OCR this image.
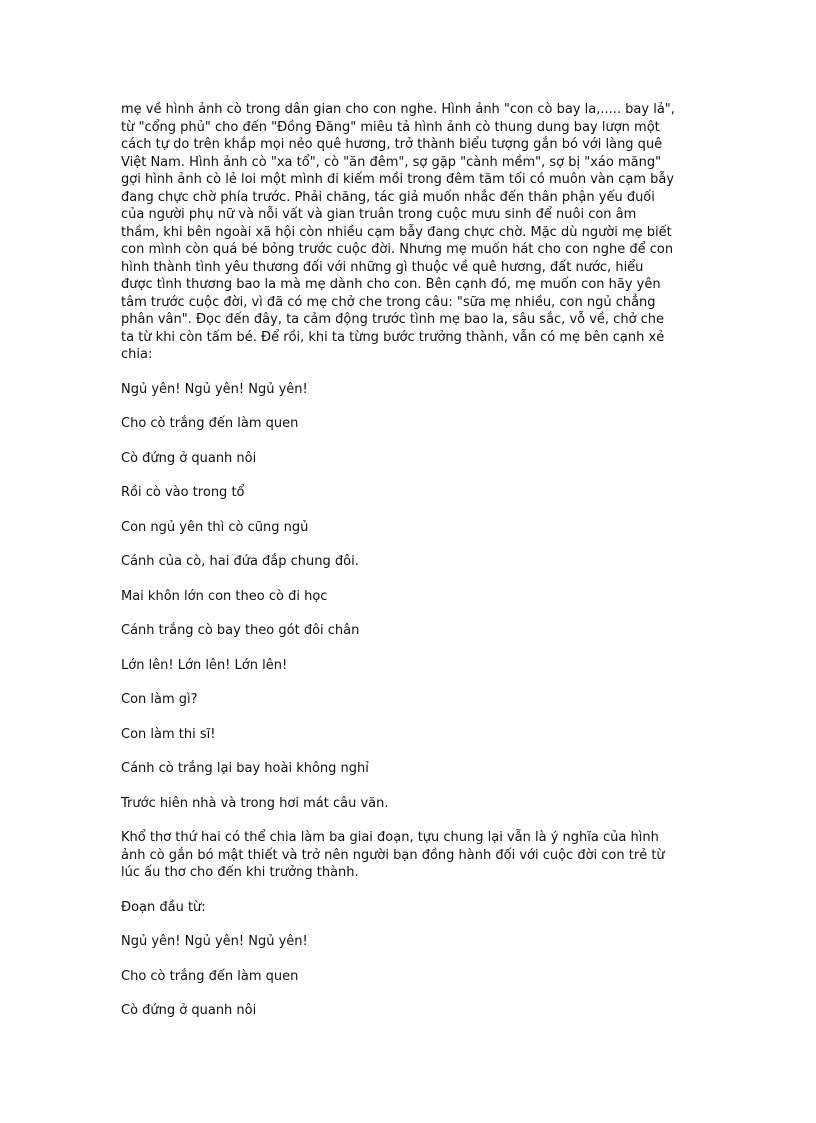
mẹ về hình ảnh cò trong dân gian cho con nghe. Hình ảnh "con cò bay la,..... bay lả",
từ "cổng phủ" cho đến "Đồng Đăng" miêu tả hình ảnh cò thung dung bay lượn một
cách tự do trên khắp mọi nẻo quê hương, trở thành biểu tượng gắn bó với làng quê
Việt Nam. Hình ảnh cò "xa tổ", cò "ăn đêm", sợ gặp "cành mềm", sợ bị "xáo măng"
gợi hình ảnh cò lẻ loi một mình đi kiếm mồi trong đêm tăm tối có muôn vàn cạm bẫy
đang chực chờ phía trước. Phải chăng, tác giả muốn nhắc đến thân phận yếu đuối
của người phụ nữ và nỗi vất và gian truân trong cuộc mưu sinh để nuôi con âm
thầm, khi bên ngoài xã hội còn nhiều cạm bẫy đang chực chờ. Mặc dù người mẹ biết
con mình còn quá bé bỏng trước cuộc đời. Nhưng mẹ muốn hát cho con nghe để con
hình thành tình yêu thương đối với những gì thuộc về quê hương, đất nước, hiểu
được tình thương bao la mà mẹ dành cho con. Bên cạnh đó, mẹ muốn con hãy yên
tâm trước cuộc đời, vì đã có mẹ chở che trong câu: "sữa mẹ nhiều, con ngủ chẳng
phân vân". Đọc đến đây, ta cảm động trước tình mẹ bao la, sâu sắc, vỗ về, chở che
ta từ khi còn tấm bé. Để rồi, khi ta từng bước trưởng thành, vẫn có mẹ bên cạnh xẻ
chia:

Ngủ yên! Ngủ yên! Ngủ yên!

Cho cò trắng đến làm quen

Cò đứng ở quanh nôi

Rồi cò vào trong tổ

Con ngủ yên thì cò cũng ngủ

Cánh của cò, hai đứa đắp chung đôi.

Mai khôn lớn con theo cò đi học

Cánh trắng cò bay theo gót đôi chân

Lớn lên! Lớn lên! Lớn lên!

Con làm gì?

Con làm thi sĩ!

Cánh cò trắng lại bay hoài không nghỉ

Trước hiên nhà và trong hơi mát câu văn.

Khổ thơ thứ hai có thể chia làm ba giai đoạn, tựu chung lại vẫn là ý nghĩa của hình
ảnh cò gắn bó mật thiết và trở nên người bạn đồng hành đối với cuộc đời con trẻ từ
lúc ấu thơ cho đến khi trưởng thành.

Đoạn đầu từ:

Ngủ yên! Ngủ yên! Ngủ yên!

Cho cò trắng đến làm quen

Cò đứng ở quanh nôi
